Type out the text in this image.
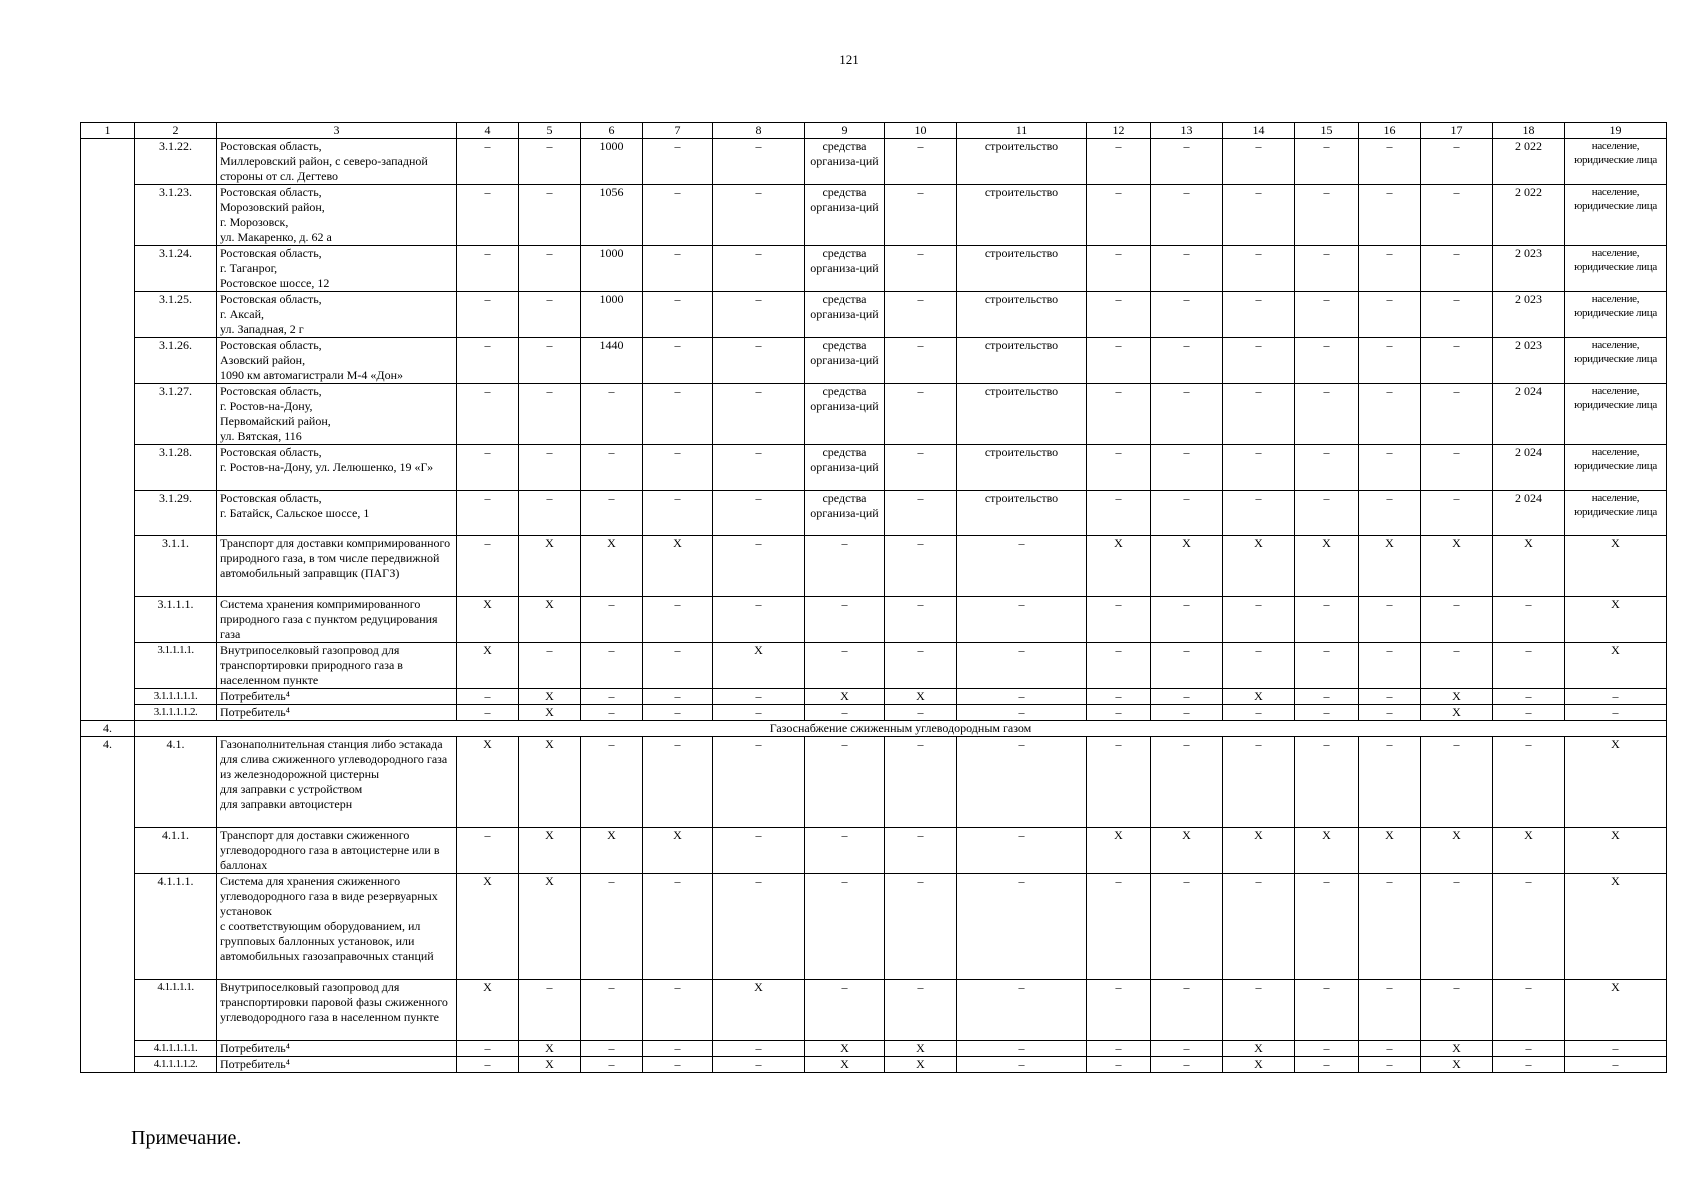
121
1	2	3	4	5	6	7	8	9	10	11	12	13	14	15	16	17	18	19
	3.1.22.	Ростовская область,
Миллеровский район, с северо-западной стороны от сл. Дегтево	–	–	1000	–	–	средства организа-ций	–	строительство	–	–	–	–	–	–	2 022	население, юридические лица
	3.1.23.	Ростовская область,
Морозовский район,
г. Морозовск,
ул. Макаренко, д. 62 а	–	–	1056	–	–	средства организа-ций	–	строительство	–	–	–	–	–	–	2 022	население, юридические лица
	3.1.24.	Ростовская область,
г. Таганрог,
Ростовское шоссе, 12	–	–	1000	–	–	средства организа-ций	–	строительство	–	–	–	–	–	–	2 023	население, юридические лица
	3.1.25.	Ростовская область,
г. Аксай,
ул. Западная, 2 г	–	–	1000	–	–	средства организа-ций	–	строительство	–	–	–	–	–	–	2 023	население, юридические лица
	3.1.26.	Ростовская область,
Азовский район,
1090 км автомагистрали М-4 «Дон»	–	–	1440	–	–	средства организа-ций	–	строительство	–	–	–	–	–	–	2 023	население, юридические лица
	3.1.27.	Ростовская область,
г. Ростов-на-Дону,
Первомайский район,
ул. Вятская, 116	–	–	–	–	–	средства организа-ций	–	строительство	–	–	–	–	–	–	2 024	население, юридические лица
	3.1.28.	Ростовская область,
г. Ростов-на-Дону, ул. Лелюшенко, 19 «Г»	–	–	–	–	–	средства организа-ций	–	строительство	–	–	–	–	–	–	2 024	население, юридические лица
	3.1.29.	Ростовская область,
г. Батайск, Сальское шоссе, 1	–	–	–	–	–	средства организа-ций	–	строительство	–	–	–	–	–	–	2 024	население, юридические лица
	3.1.1.	Транспорт для доставки компримированного природного газа, в том числе передвижной автомобильный заправщик (ПАГЗ)	–	X	X	X	–	–	–	–	X	X	X	X	X	X	X	X
	3.1.1.1.	Система хранения компримированного природного газа с пунктом редуцирования газа	X	X	–	–	–	–	–	–	–	–	–	–	–	–	–	X
	3.1.1.1.1.	Внутрипоселковый газопровод для транспортировки природного газа в населенном пункте	X	–	–	–	X	–	–	–	–	–	–	–	–	–	–	X
	3.1.1.1.1.1.	Потребитель⁴	–	X	–	–	–	X	X	–	–	–	X	–	–	X	–	–
	3.1.1.1.1.2.	Потребитель⁴	–	X	–	–	–	–	–	–	–	–	–	–	–	X	–	–
4.	Газоснабжение сжиженным углеводородным газом																	
4.	4.1.	Газонаполнительная станция либо эстакада для слива сжиженного углеводородного газа
из железнодорожной цистерны
для заправки с устройством
для заправки автоцистерн	X	X	–	–	–	–	–	–	–	–	–	–	–	–	–	X
	4.1.1.	Транспорт для доставки сжиженного углеводородного газа в автоцистерне или в баллонах	–	X	X	X	–	–	–	–	X	X	X	X	X	X	X	X
	4.1.1.1.	Система для хранения сжиженного углеводородного газа в виде резервуарных установок
с соответствующим оборудованием, ил групповых баллонных установок, или автомобильных газозаправочных станций	X	X	–	–	–	–	–	–	–	–	–	–	–	–	–	X
	4.1.1.1.1.	Внутрипоселковый газопровод для транспортировки паровой фазы сжиженного углеводородного газа в населенном пункте	X	–	–	–	X	–	–	–	–	–	–	–	–	–	–	X
	4.1.1.1.1.1.	Потребитель⁴	–	X	–	–	–	X	X	–	–	–	X	–	–	X	–	–
	4.1.1.1.1.2.	Потребитель⁴	–	X	–	–	–	X	X	–	–	–	X	–	–	X	–	–
Примечание.
